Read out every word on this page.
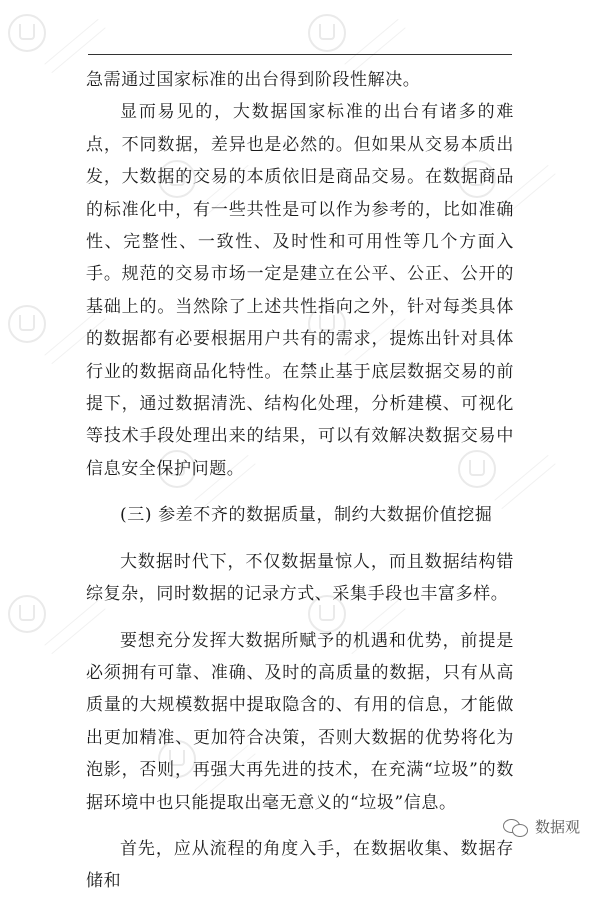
急需通过国家标准的出台得到阶段性解决。

显而易见的，大数据国家标准的出台有诸多的难点，不同数据，差异也是必然的。但如果从交易本质出发，大数据的交易的本质依旧是商品交易。在数据商品的标准化中，有一些共性是可以作为参考的，比如准确性、完整性、一致性、及时性和可用性等几个方面入手。规范的交易市场一定是建立在公平、公正、公开的基础上的。当然除了上述共性指向之外，针对每类具体的数据都有必要根据用户共有的需求，提炼出针对具体行业的数据商品化特性。在禁止基于底层数据交易的前提下，通过数据清洗、结构化处理，分析建模、可视化等技术手段处理出来的结果，可以有效解决数据交易中信息安全保护问题。

(三) 参差不齐的数据质量，制约大数据价值挖掘

大数据时代下，不仅数据量惊人，而且数据结构错综复杂，同时数据的记录方式、采集手段也丰富多样。

要想充分发挥大数据所赋予的机遇和优势，前提是必须拥有可靠、准确、及时的高质量的数据，只有从高质量的大规模数据中提取隐含的、有用的信息，才能做出更加精准、更加符合决策，否则大数据的优势将化为泡影，否则，再强大再先进的技术，在充满“垃圾”的数据环境中也只能提取出毫无意义的“垃圾”信息。

首先，应从流程的角度入手，在数据收集、数据存储和

数据观
